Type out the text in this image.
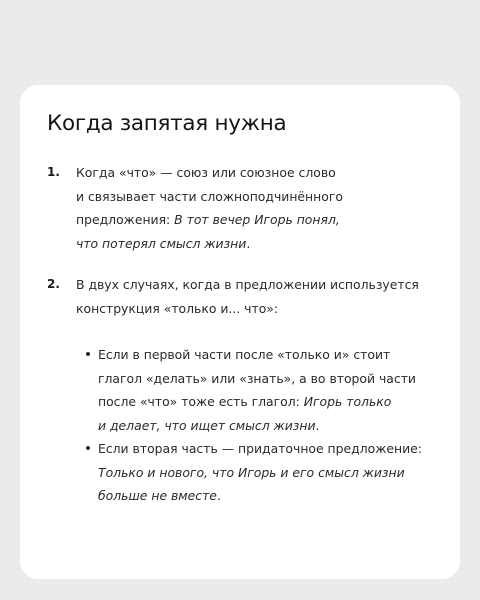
Когда запятая нужна
1. Когда «что» — союз или союзное слово
и связывает части сложноподчинённого
предложения: В тот вечер Игорь понял,
что потерял смысл жизни.
2. В двух случаях, когда в предложении используется
конструкция «только и... что»:
Если в первой части после «только и» стоит
глагол «делать» или «знать», а во второй части
после «что» тоже есть глагол: Игорь только
и делает, что ищет смысл жизни.
Если вторая часть — придаточное предложение:
Только и нового, что Игорь и его смысл жизни
больше не вместе.
